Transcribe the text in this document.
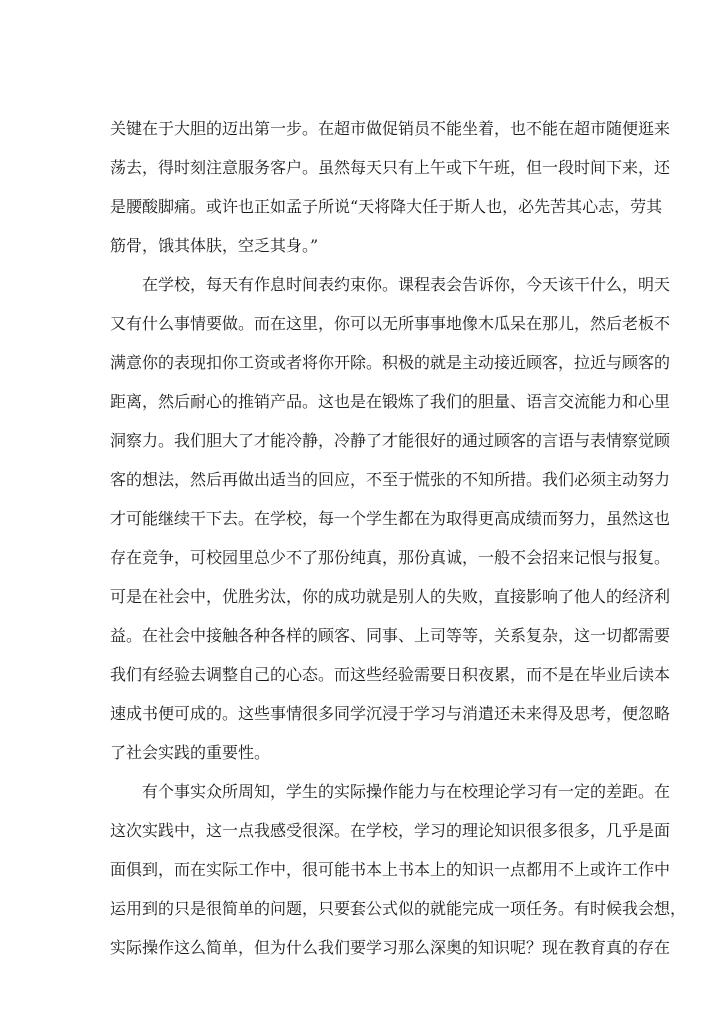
关键在于大胆的迈出第一步。在超市做促销员不能坐着，也不能在超市随便逛来
荡去，得时刻注意服务客户。虽然每天只有上午或下午班，但一段时间下来，还
是腰酸脚痛。或许也正如孟子所说“天将降大任于斯人也，必先苦其心志，劳其
筋骨，饿其体肤，空乏其身。”
在学校，每天有作息时间表约束你。课程表会告诉你，今天该干什么，明天
又有什么事情要做。而在这里，你可以无所事事地像木瓜呆在那儿，然后老板不
满意你的表现扣你工资或者将你开除。积极的就是主动接近顾客，拉近与顾客的
距离，然后耐心的推销产品。这也是在锻炼了我们的胆量、语言交流能力和心里
洞察力。我们胆大了才能冷静，冷静了才能很好的通过顾客的言语与表情察觉顾
客的想法，然后再做出适当的回应，不至于慌张的不知所措。我们必须主动努力
才可能继续干下去。在学校，每一个学生都在为取得更高成绩而努力，虽然这也
存在竞争，可校园里总少不了那份纯真，那份真诚，一般不会招来记恨与报复。
可是在社会中，优胜劣汰，你的成功就是别人的失败，直接影响了他人的经济利
益。在社会中接触各种各样的顾客、同事、上司等等，关系复杂，这一切都需要
我们有经验去调整自己的心态。而这些经验需要日积夜累，而不是在毕业后读本
速成书便可成的。这些事情很多同学沉浸于学习与消遣还未来得及思考，便忽略
了社会实践的重要性。
有个事实众所周知，学生的实际操作能力与在校理论学习有一定的差距。在
这次实践中，这一点我感受很深。在学校，学习的理论知识很多很多，几乎是面
面俱到，而在实际工作中，很可能书本上书本上的知识一点都用不上或许工作中
运用到的只是很简单的问题，只要套公式似的就能完成一项任务。有时候我会想，
实际操作这么简单，但为什么我们要学习那么深奥的知识呢？现在教育真的存在
